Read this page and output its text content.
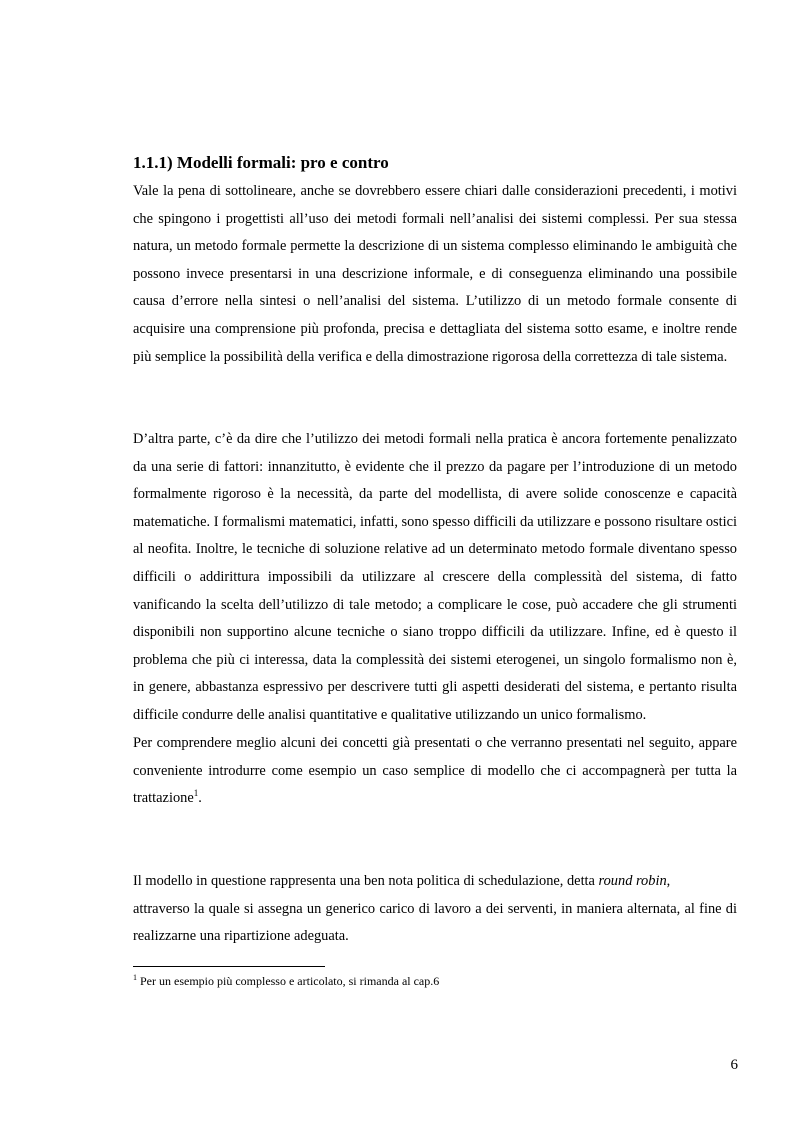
1.1.1) Modelli formali: pro e contro

Vale la pena di sottolineare, anche se dovrebbero essere chiari dalle considerazioni precedenti, i motivi che spingono i progettisti all’uso dei metodi formali nell’analisi dei sistemi complessi. Per sua stessa natura, un metodo formale permette la descrizione di un sistema complesso eliminando le ambiguità che possono invece presentarsi in una descrizione informale, e di conseguenza eliminando una possibile causa d’errore nella sintesi o nell’analisi del sistema. L’utilizzo di un metodo formale consente di acquisire una comprensione più profonda, precisa e dettagliata del sistema sotto esame, e inoltre rende più semplice la possibilità della verifica e della dimostrazione rigorosa della correttezza di tale sistema.

D’altra parte, c’è da dire che l’utilizzo dei metodi formali nella pratica è ancora fortemente penalizzato da una serie di fattori: innanzitutto, è evidente che il prezzo da pagare per l’introduzione di un metodo formalmente rigoroso è la necessità, da parte del modellista, di avere solide conoscenze e capacità matematiche. I formalismi matematici, infatti, sono spesso difficili da utilizzare e possono risultare ostici al neofita. Inoltre, le tecniche di soluzione relative ad un determinato metodo formale diventano spesso difficili o addirittura impossibili da utilizzare al crescere della complessità del sistema, di fatto vanificando la scelta dell’utilizzo di tale metodo; a complicare le cose, può accadere che gli strumenti disponibili non supportino alcune tecniche o siano troppo difficili da utilizzare. Infine, ed è questo il problema che più ci interessa, data la complessità dei sistemi eterogenei, un singolo formalismo non è, in genere, abbastanza espressivo per descrivere tutti gli aspetti desiderati del sistema, e pertanto risulta difficile condurre delle analisi quantitative e qualitative utilizzando un unico formalismo.

Per comprendere meglio alcuni dei concetti già presentati o che verranno presentati nel seguito, appare conveniente introdurre come esempio un caso semplice di modello che ci accompagnerà per tutta la trattazione$^1$.

Il modello in questione rappresenta una ben nota politica di schedulazione, detta round robin,
attraverso la quale si assegna un generico carico di lavoro a dei serventi, in maniera alternata, al fine di realizzarne una ripartizione adeguata.

$^1$ Per un esempio più complesso e articolato, si rimanda al cap.6

6
